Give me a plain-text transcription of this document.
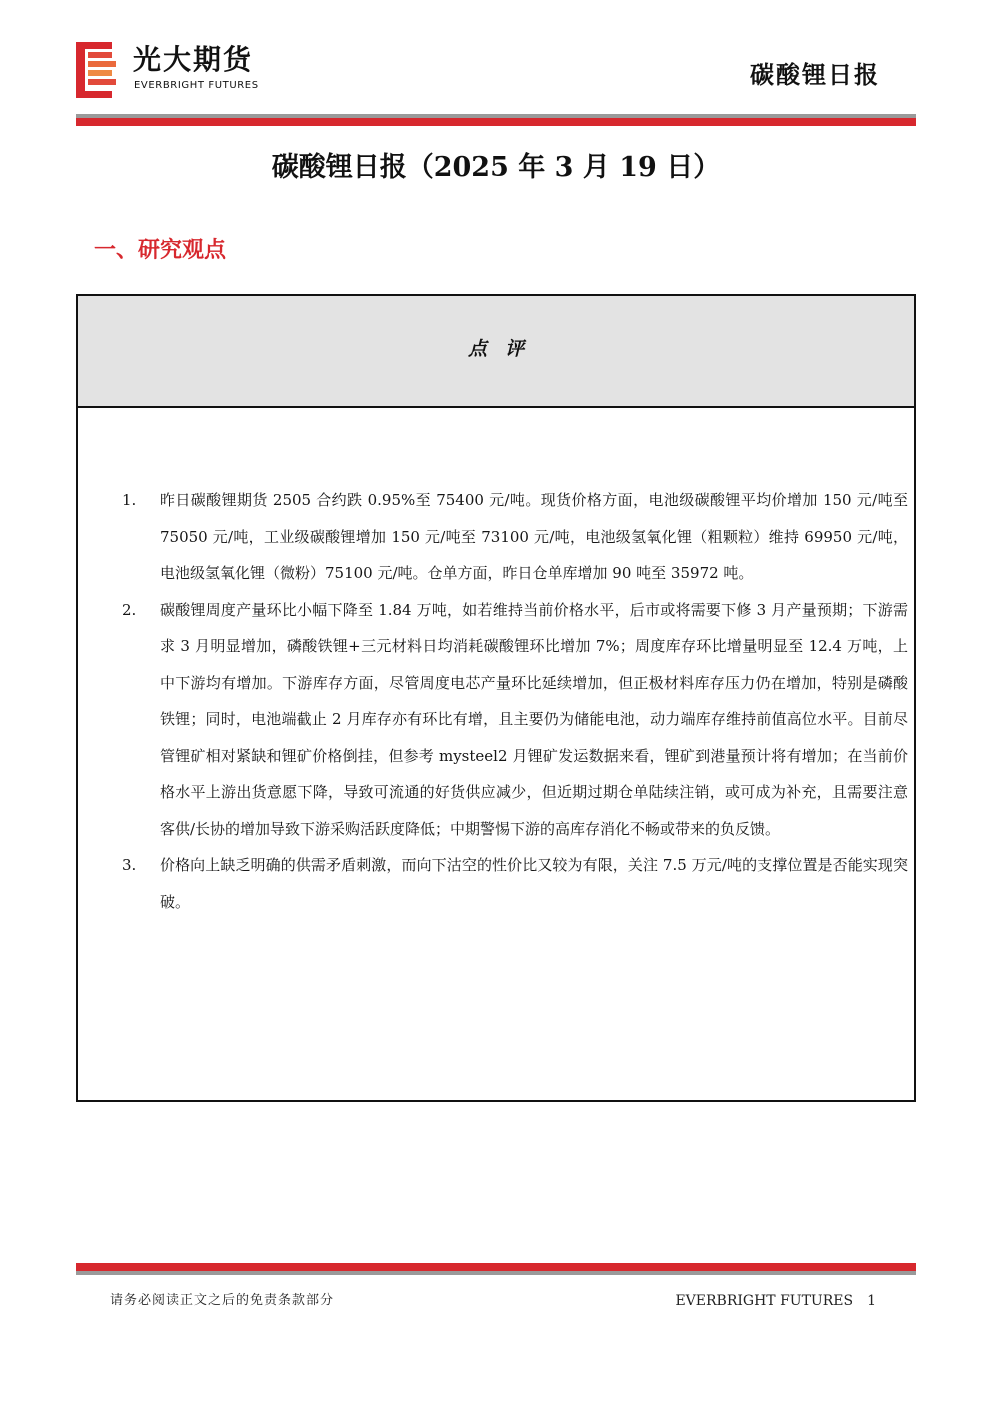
光大期货
EVERBRIGHT FUTURES	碳酸锂日报
碳酸锂日报（2025 年 3 月 19 日）
一、研究观点
点评
1. 昨日碳酸锂期货 2505 合约跌 0.95%至 75400 元/吨。现货价格方面，电池级碳酸锂平均价增加 150 元/吨至 75050 元/吨，工业级碳酸锂增加 150 元/吨至 73100 元/吨，电池级氢氧化锂（粗颗粒）维持 69950 元/吨，电池级氢氧化锂（微粉）75100 元/吨。仓单方面，昨日仓单库增加 90 吨至 35972 吨。
2. 碳酸锂周度产量环比小幅下降至 1.84 万吨，如若维持当前价格水平，后市或将需要下修 3 月产量预期；下游需求 3 月明显增加，磷酸铁锂+三元材料日均消耗碳酸锂环比增加 7%；周度库存环比增量明显至 12.4 万吨，上中下游均有增加。下游库存方面，尽管周度电芯产量环比延续增加，但正极材料库存压力仍在增加，特别是磷酸铁锂；同时，电池端截止 2 月库存亦有环比有增，且主要仍为储能电池，动力端库存维持前值高位水平。目前尽管锂矿相对紧缺和锂矿价格倒挂，但参考 mysteel2 月锂矿发运数据来看，锂矿到港量预计将有增加；在当前价格水平上游出货意愿下降，导致可流通的好货供应减少，但近期过期仓单陆续注销，或可成为补充，且需要注意客供/长协的增加导致下游采购活跃度降低；中期警惕下游的高库存消化不畅或带来的负反馈。
3. 价格向上缺乏明确的供需矛盾刺激，而向下沽空的性价比又较为有限，关注 7.5 万元/吨的支撑位置是否能实现突破。
请务必阅读正文之后的免责条款部分	EVERBRIGHT FUTURES 1
